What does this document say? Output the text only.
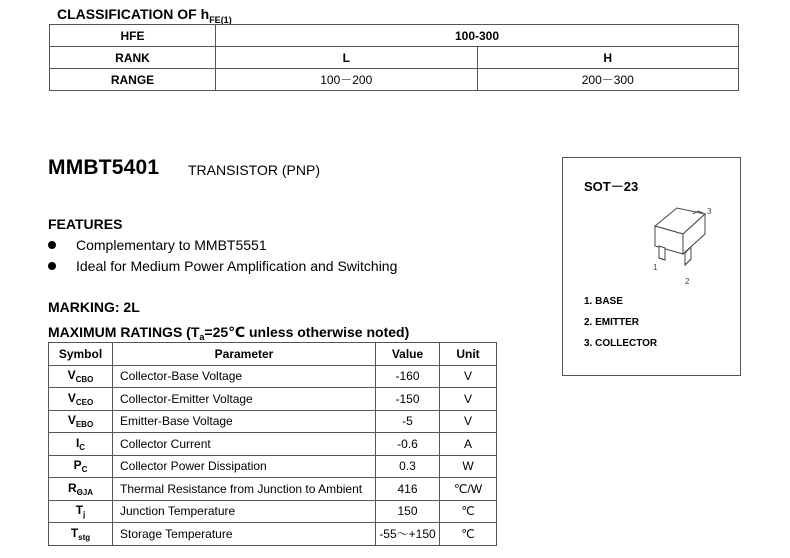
CLASSIFICATION OF $h_{FE(1)}$
HFE	100-300	
RANK	L	H
RANGE	100－200	200－300
MMBT5401 TRANSISTOR (PNP)
FEATURES
Complementary to MMBT5551
Ideal for Medium Power Amplification and Switching
MARKING: 2L
MAXIMUM RATINGS ($T_a=25℃$ unless otherwise noted)
Symbol	Parameter	Value	Unit
$V_{CBO}$	Collector-Base Voltage	-160	V
$V_{CEO}$	Collector-Emitter Voltage	-150	V
$V_{EBO}$	Emitter-Base Voltage	-5	V
$I_C$	Collector Current	-0.6	A
$P_C$	Collector Power Dissipation	0.3	W
$R_{\Theta JA}$	Thermal Resistance from Junction to Ambient	416	℃/W
$T_j$	Junction Temperature	150	℃
$T_{stg}$	Storage Temperature	-55～+150	℃
SOT－23
3
1
2
1. BASE
2. EMITTER
3. COLLECTOR
